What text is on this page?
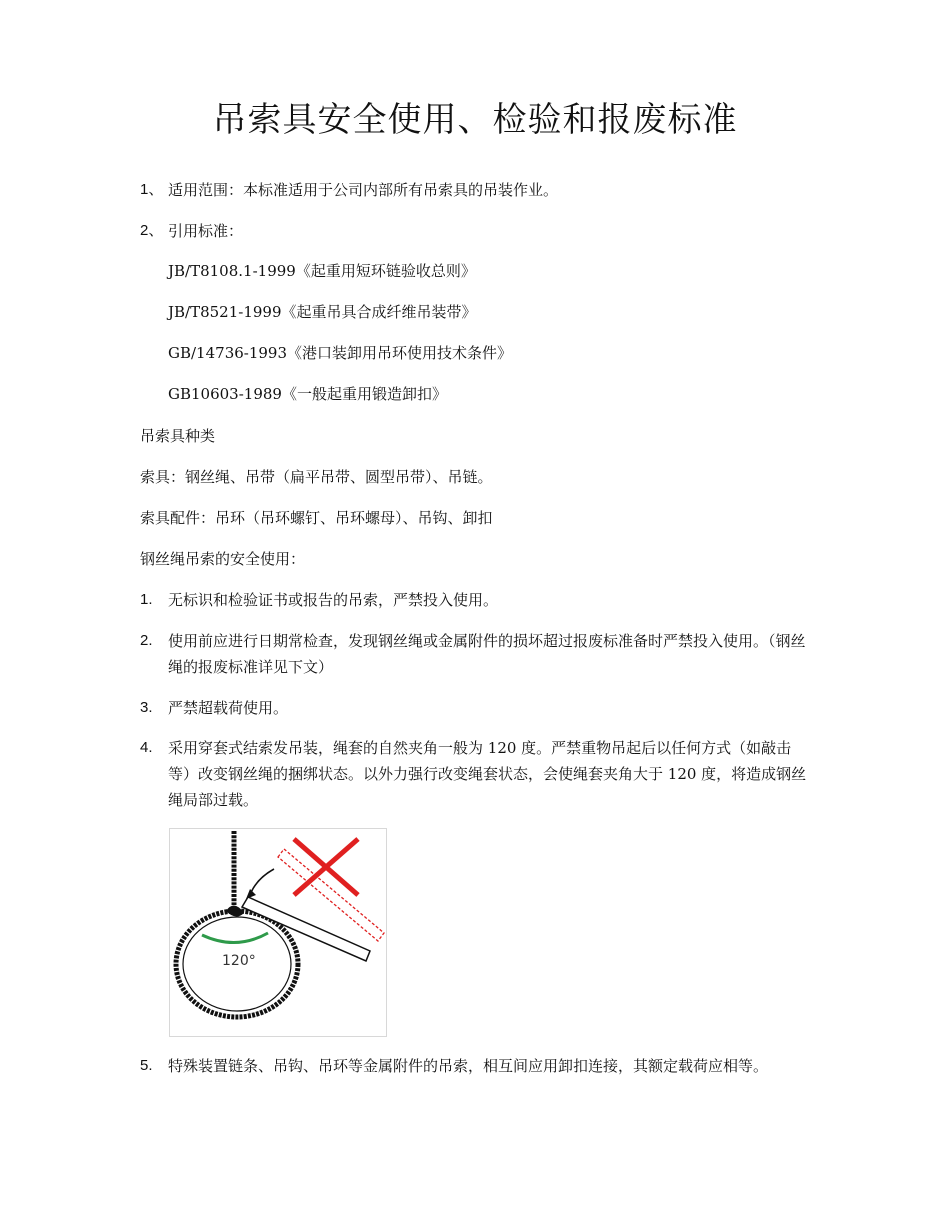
吊索具安全使用、检验和报废标准
1、 适用范围：本标准适用于公司内部所有吊索具的吊装作业。
2、 引用标准：
JB/T8108.1-1999《起重用短环链验收总则》
JB/T8521-1999《起重吊具合成纤维吊装带》
GB/14736-1993《港口装卸用吊环使用技术条件》
GB10603-1989《一般起重用锻造卸扣》
吊索具种类
索具：钢丝绳、吊带（扁平吊带、圆型吊带）、吊链。
索具配件：吊环（吊环螺钉、吊环螺母）、吊钩、卸扣
钢丝绳吊索的安全使用：
1. 无标识和检验证书或报告的吊索，严禁投入使用。
2. 使用前应进行日期常检查，发现钢丝绳或金属附件的损坏超过报废标准备时严禁投入使用。（钢丝绳的报废标准详见下文）
3. 严禁超载荷使用。
4. 采用穿套式结索发吊装，绳套的自然夹角一般为 120 度。严禁重物吊起后以任何方式（如敲击等）改变钢丝绳的捆绑状态。以外力强行改变绳套状态，会使绳套夹角大于 120 度，将造成钢丝绳局部过载。
120°
5. 特殊装置链条、吊钩、吊环等金属附件的吊索，相互间应用卸扣连接，其额定载荷应相等。
